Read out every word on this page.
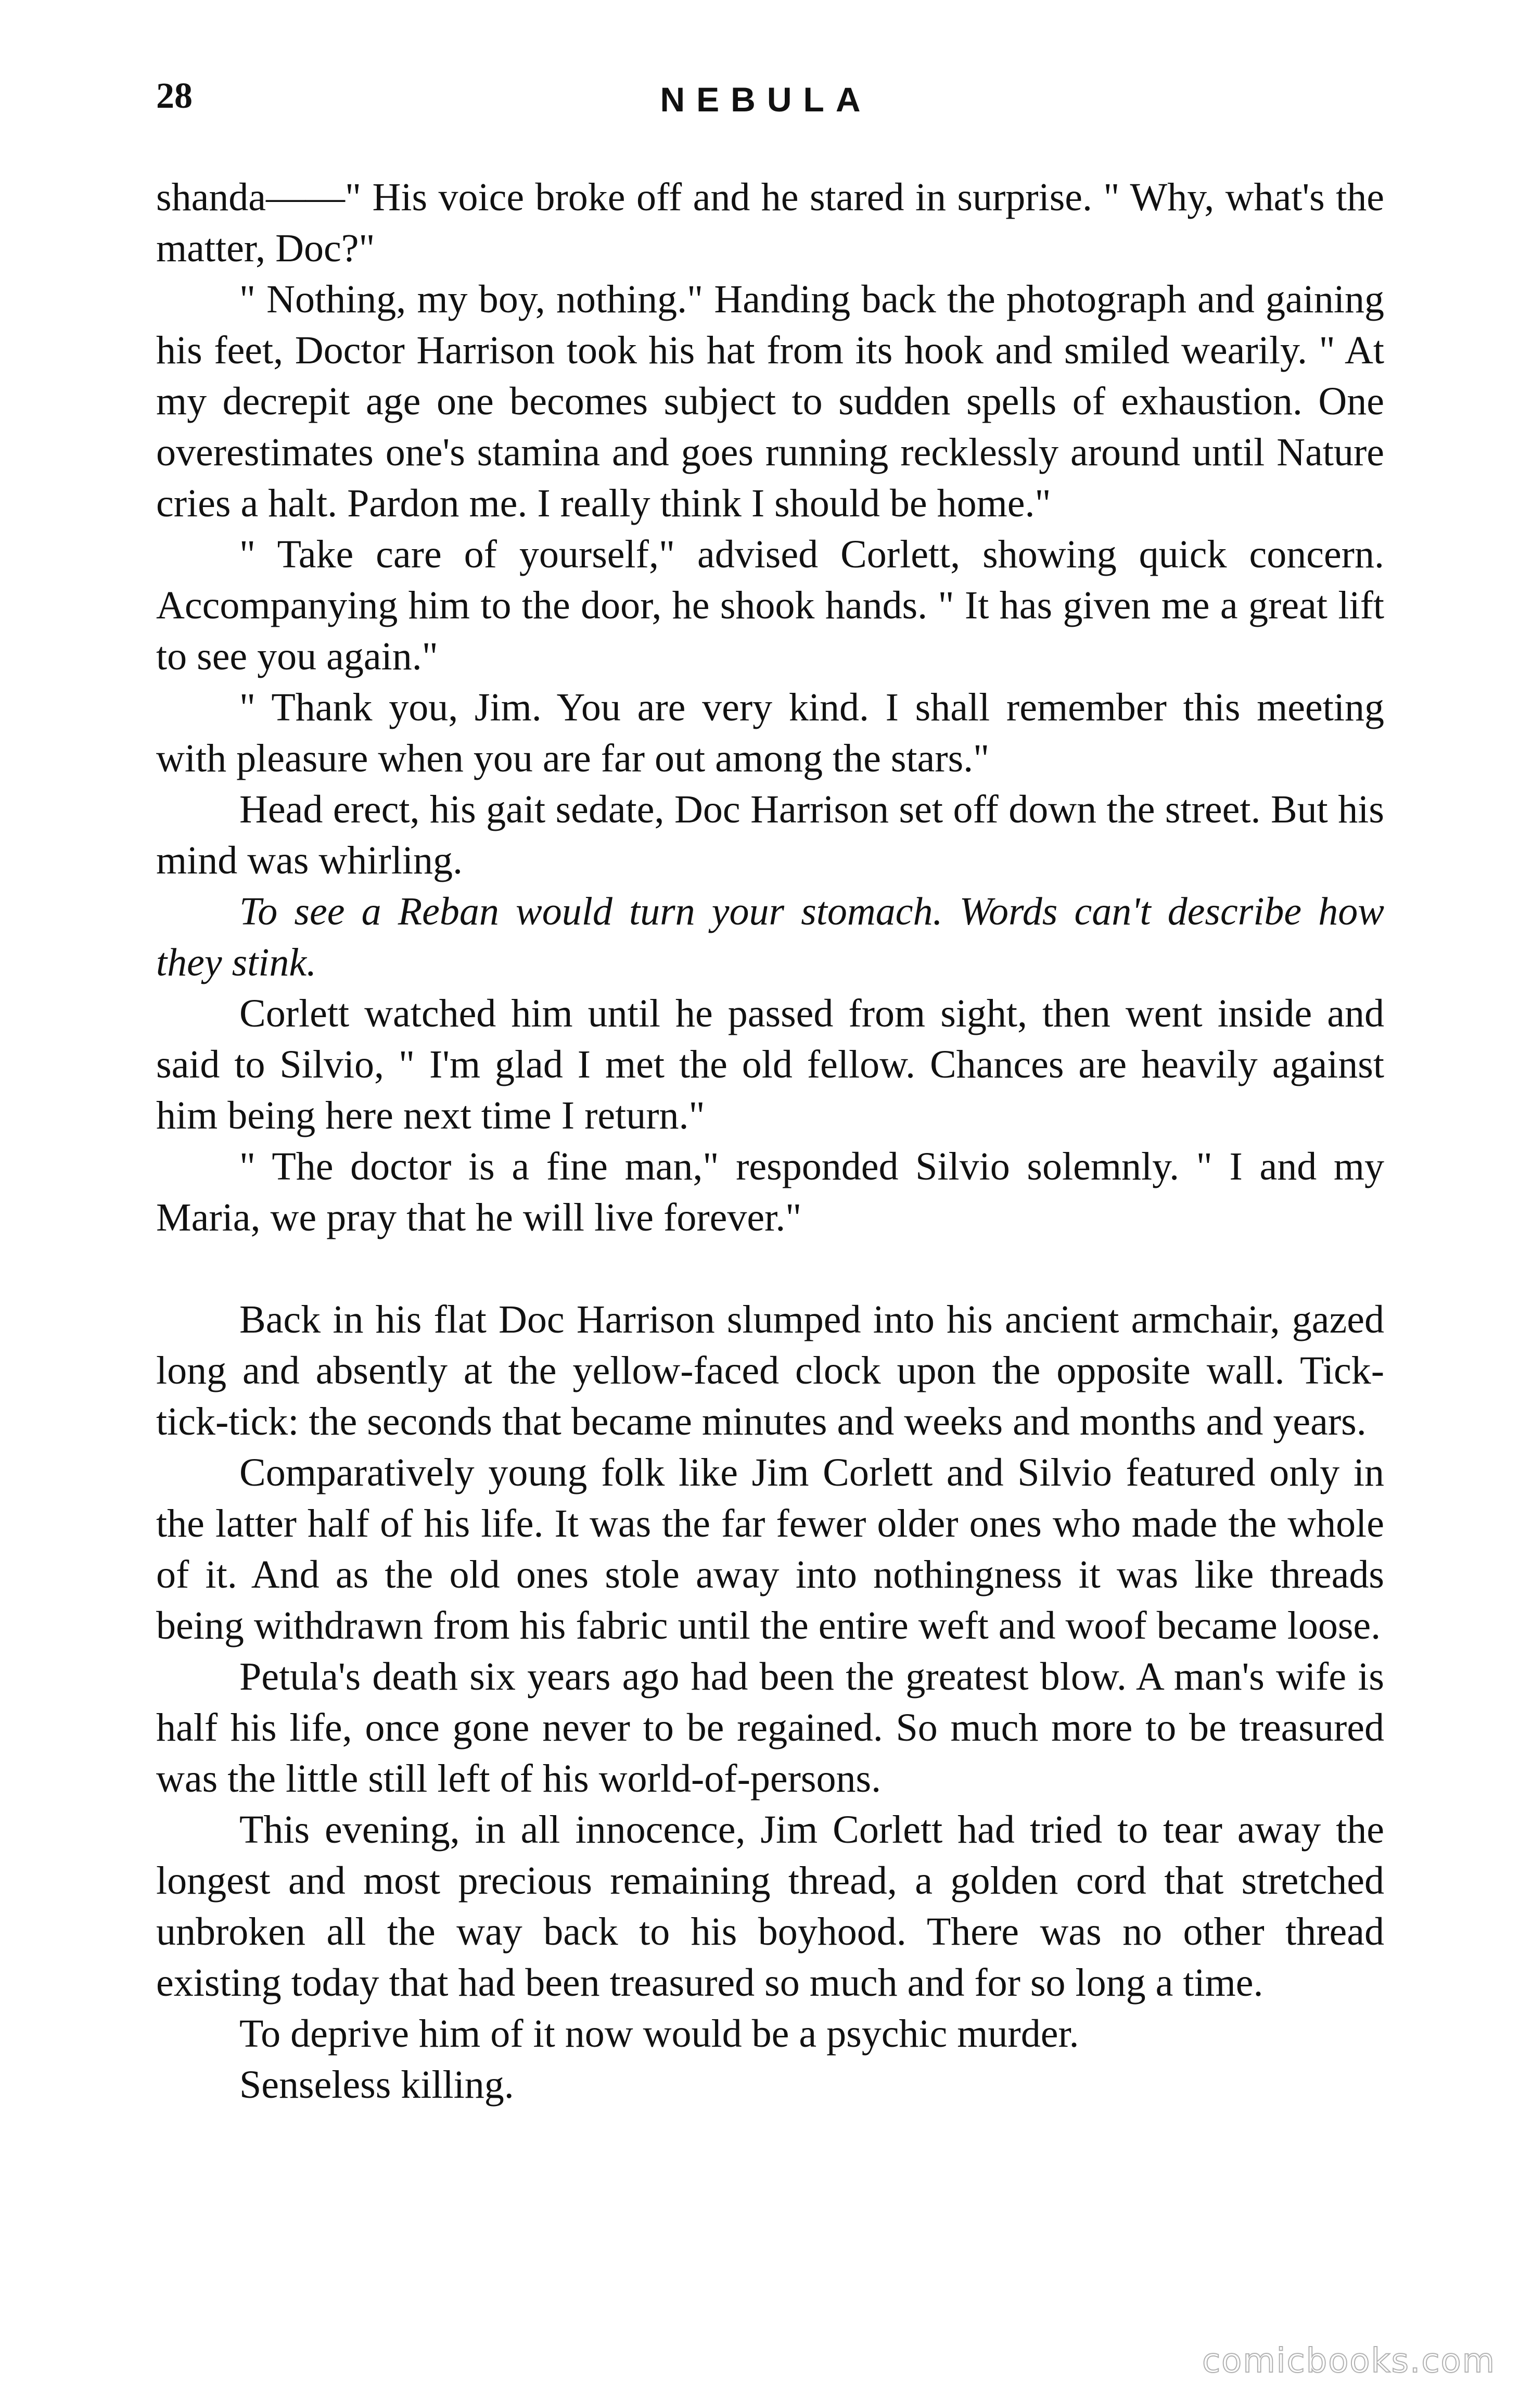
28	NEBULA

shanda——" His voice broke off and he stared in surprise. " Why, what's the matter, Doc?"

" Nothing, my boy, nothing." Handing back the photograph and gaining his feet, Doctor Harrison took his hat from its hook and smiled wearily. " At my decrepit age one becomes subject to sudden spells of exhaustion. One overestimates one's stamina and goes running recklessly around until Nature cries a halt. Pardon me. I really think I should be home."

" Take care of yourself," advised Corlett, showing quick concern. Accompanying him to the door, he shook hands. " It has given me a great lift to see you again."

" Thank you, Jim. You are very kind. I shall remember this meeting with pleasure when you are far out among the stars."

Head erect, his gait sedate, Doc Harrison set off down the street. But his mind was whirling.

To see a Reban would turn your stomach. Words can't describe how they stink.

Corlett watched him until he passed from sight, then went inside and said to Silvio, " I'm glad I met the old fellow. Chances are heavily against him being here next time I return."

" The doctor is a fine man," responded Silvio solemnly. " I and my Maria, we pray that he will live forever."

Back in his flat Doc Harrison slumped into his ancient armchair, gazed long and absently at the yellow-faced clock upon the opposite wall. Tick-tick-tick: the seconds that became minutes and weeks and months and years.

Comparatively young folk like Jim Corlett and Silvio featured only in the latter half of his life. It was the far fewer older ones who made the whole of it. And as the old ones stole away into nothingness it was like threads being withdrawn from his fabric until the entire weft and woof became loose.

Petula's death six years ago had been the greatest blow. A man's wife is half his life, once gone never to be regained. So much more to be treasured was the little still left of his world-of-persons.

This evening, in all innocence, Jim Corlett had tried to tear away the longest and most precious remaining thread, a golden cord that stretched unbroken all the way back to his boyhood. There was no other thread existing today that had been treasured so much and for so long a time.

To deprive him of it now would be a psychic murder.

Senseless killing.

comicbooks.com
